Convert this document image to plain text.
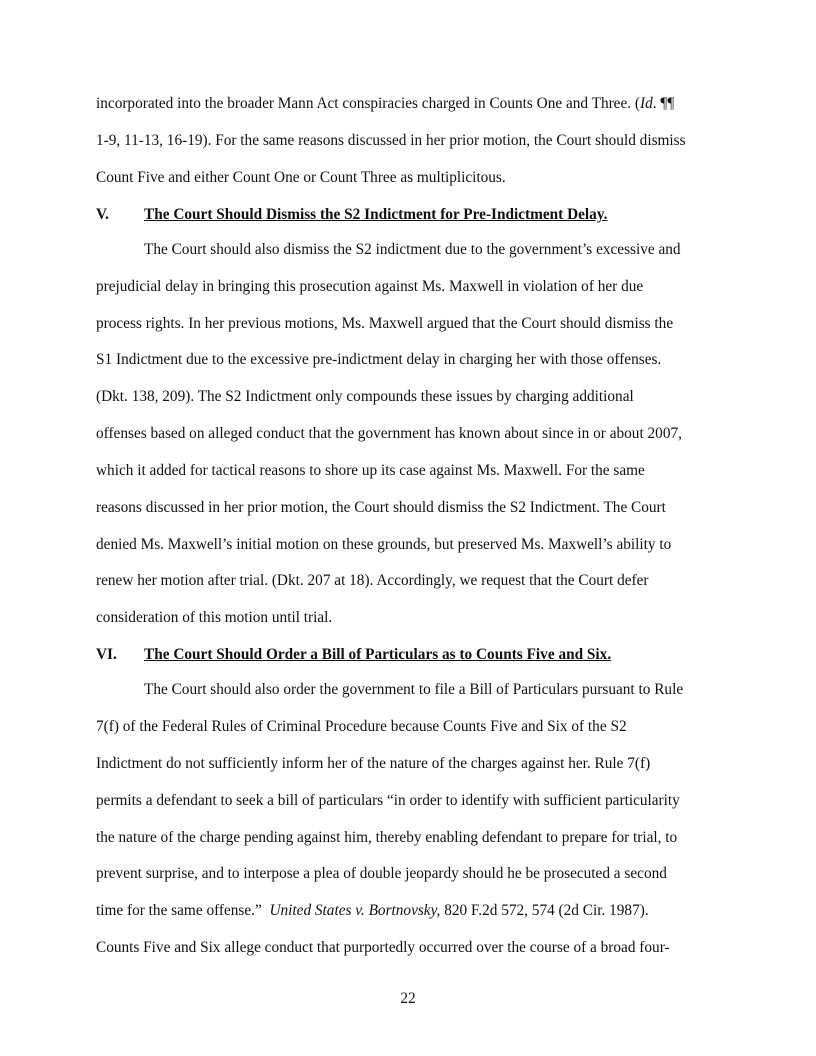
incorporated into the broader Mann Act conspiracies charged in Counts One and Three. (Id. ¶¶
1-9, 11-13, 16-19). For the same reasons discussed in her prior motion, the Court should dismiss
Count Five and either Count One or Count Three as multiplicitous.
V. The Court Should Dismiss the S2 Indictment for Pre-Indictment Delay.
The Court should also dismiss the S2 indictment due to the government’s excessive and
prejudicial delay in bringing this prosecution against Ms. Maxwell in violation of her due
process rights. In her previous motions, Ms. Maxwell argued that the Court should dismiss the
S1 Indictment due to the excessive pre-indictment delay in charging her with those offenses.
(Dkt. 138, 209). The S2 Indictment only compounds these issues by charging additional
offenses based on alleged conduct that the government has known about since in or about 2007,
which it added for tactical reasons to shore up its case against Ms. Maxwell. For the same
reasons discussed in her prior motion, the Court should dismiss the S2 Indictment. The Court
denied Ms. Maxwell’s initial motion on these grounds, but preserved Ms. Maxwell’s ability to
renew her motion after trial. (Dkt. 207 at 18). Accordingly, we request that the Court defer
consideration of this motion until trial.
VI. The Court Should Order a Bill of Particulars as to Counts Five and Six.
The Court should also order the government to file a Bill of Particulars pursuant to Rule
7(f) of the Federal Rules of Criminal Procedure because Counts Five and Six of the S2
Indictment do not sufficiently inform her of the nature of the charges against her. Rule 7(f)
permits a defendant to seek a bill of particulars “in order to identify with sufficient particularity
the nature of the charge pending against him, thereby enabling defendant to prepare for trial, to
prevent surprise, and to interpose a plea of double jeopardy should he be prosecuted a second
time for the same offense.”  United States v. Bortnovsky, 820 F.2d 572, 574 (2d Cir. 1987).
Counts Five and Six allege conduct that purportedly occurred over the course of a broad four-
22
